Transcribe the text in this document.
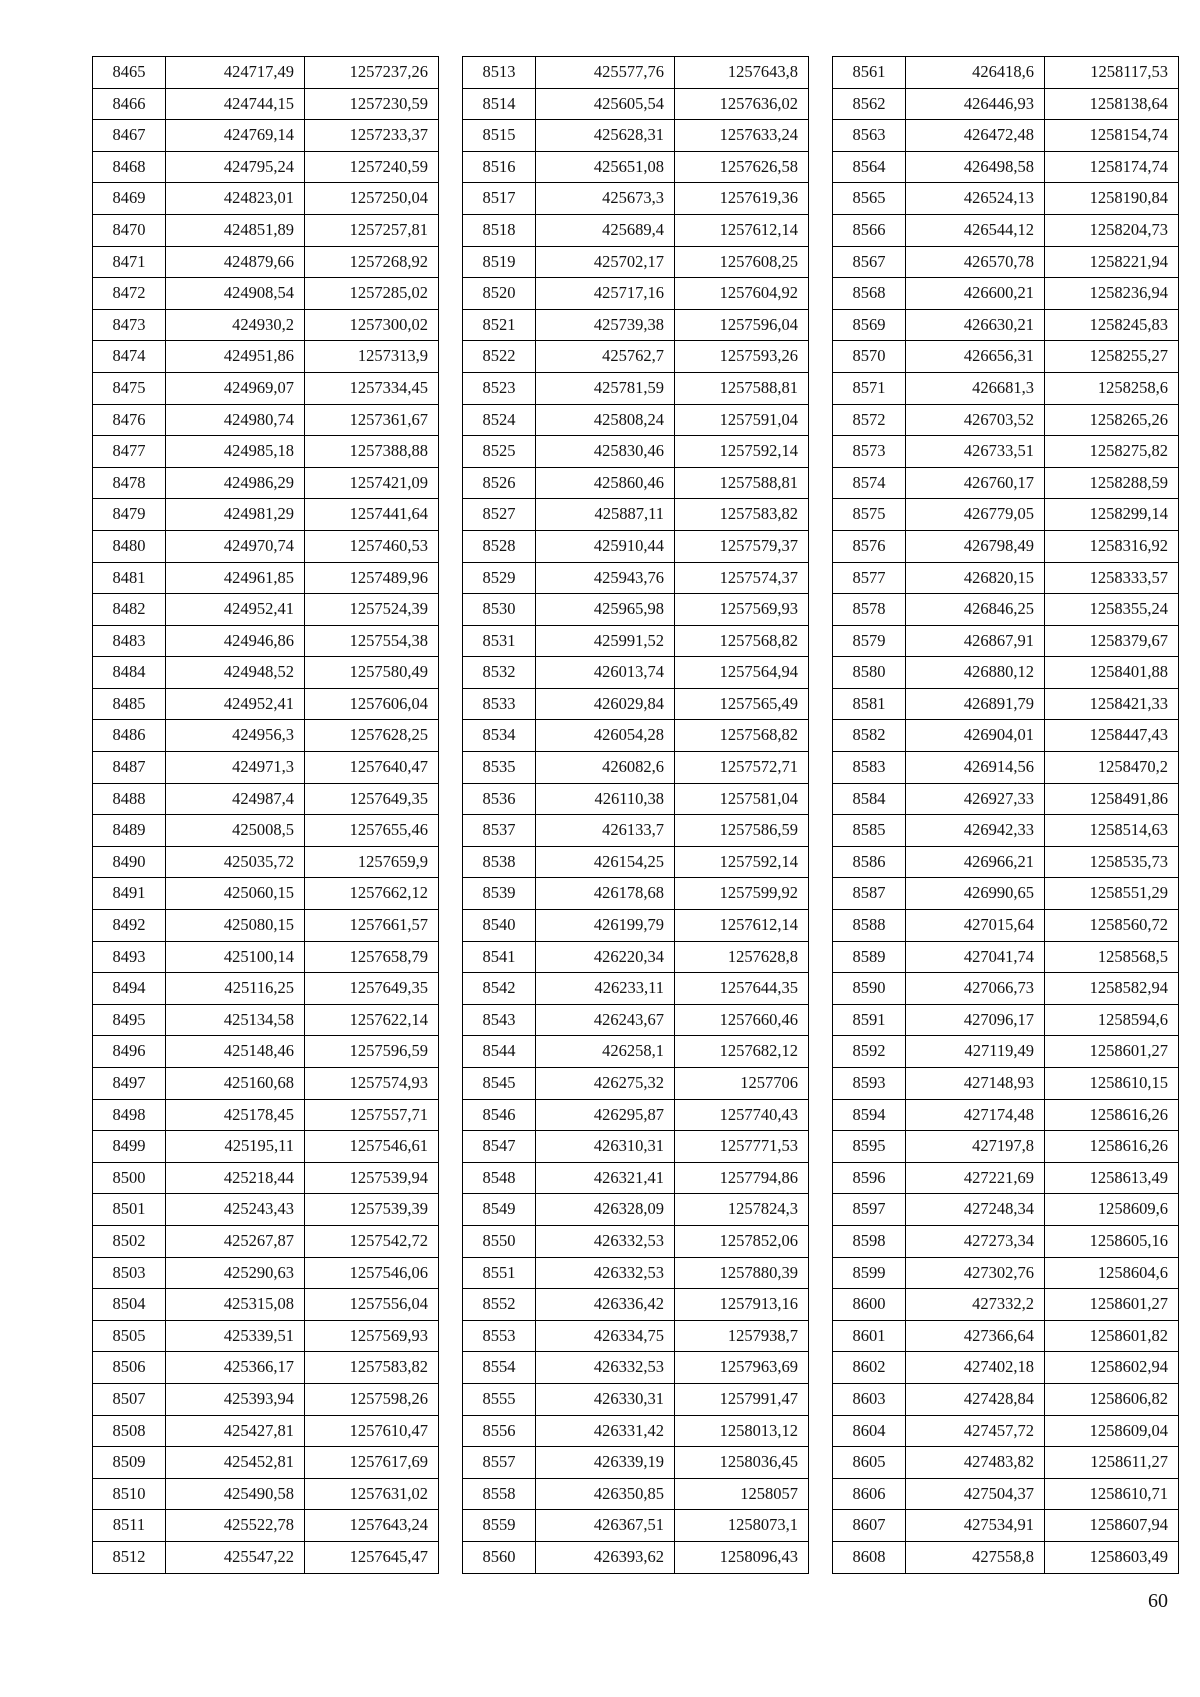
8465	424717,49	1257237,26
8466	424744,15	1257230,59
8467	424769,14	1257233,37
8468	424795,24	1257240,59
8469	424823,01	1257250,04
8470	424851,89	1257257,81
8471	424879,66	1257268,92
8472	424908,54	1257285,02
8473	424930,2	1257300,02
8474	424951,86	1257313,9
8475	424969,07	1257334,45
8476	424980,74	1257361,67
8477	424985,18	1257388,88
8478	424986,29	1257421,09
8479	424981,29	1257441,64
8480	424970,74	1257460,53
8481	424961,85	1257489,96
8482	424952,41	1257524,39
8483	424946,86	1257554,38
8484	424948,52	1257580,49
8485	424952,41	1257606,04
8486	424956,3	1257628,25
8487	424971,3	1257640,47
8488	424987,4	1257649,35
8489	425008,5	1257655,46
8490	425035,72	1257659,9
8491	425060,15	1257662,12
8492	425080,15	1257661,57
8493	425100,14	1257658,79
8494	425116,25	1257649,35
8495	425134,58	1257622,14
8496	425148,46	1257596,59
8497	425160,68	1257574,93
8498	425178,45	1257557,71
8499	425195,11	1257546,61
8500	425218,44	1257539,94
8501	425243,43	1257539,39
8502	425267,87	1257542,72
8503	425290,63	1257546,06
8504	425315,08	1257556,04
8505	425339,51	1257569,93
8506	425366,17	1257583,82
8507	425393,94	1257598,26
8508	425427,81	1257610,47
8509	425452,81	1257617,69
8510	425490,58	1257631,02
8511	425522,78	1257643,24
8512	425547,22	1257645,47
8513	425577,76	1257643,8
8514	425605,54	1257636,02
8515	425628,31	1257633,24
8516	425651,08	1257626,58
8517	425673,3	1257619,36
8518	425689,4	1257612,14
8519	425702,17	1257608,25
8520	425717,16	1257604,92
8521	425739,38	1257596,04
8522	425762,7	1257593,26
8523	425781,59	1257588,81
8524	425808,24	1257591,04
8525	425830,46	1257592,14
8526	425860,46	1257588,81
8527	425887,11	1257583,82
8528	425910,44	1257579,37
8529	425943,76	1257574,37
8530	425965,98	1257569,93
8531	425991,52	1257568,82
8532	426013,74	1257564,94
8533	426029,84	1257565,49
8534	426054,28	1257568,82
8535	426082,6	1257572,71
8536	426110,38	1257581,04
8537	426133,7	1257586,59
8538	426154,25	1257592,14
8539	426178,68	1257599,92
8540	426199,79	1257612,14
8541	426220,34	1257628,8
8542	426233,11	1257644,35
8543	426243,67	1257660,46
8544	426258,1	1257682,12
8545	426275,32	1257706
8546	426295,87	1257740,43
8547	426310,31	1257771,53
8548	426321,41	1257794,86
8549	426328,09	1257824,3
8550	426332,53	1257852,06
8551	426332,53	1257880,39
8552	426336,42	1257913,16
8553	426334,75	1257938,7
8554	426332,53	1257963,69
8555	426330,31	1257991,47
8556	426331,42	1258013,12
8557	426339,19	1258036,45
8558	426350,85	1258057
8559	426367,51	1258073,1
8560	426393,62	1258096,43
8561	426418,6	1258117,53
8562	426446,93	1258138,64
8563	426472,48	1258154,74
8564	426498,58	1258174,74
8565	426524,13	1258190,84
8566	426544,12	1258204,73
8567	426570,78	1258221,94
8568	426600,21	1258236,94
8569	426630,21	1258245,83
8570	426656,31	1258255,27
8571	426681,3	1258258,6
8572	426703,52	1258265,26
8573	426733,51	1258275,82
8574	426760,17	1258288,59
8575	426779,05	1258299,14
8576	426798,49	1258316,92
8577	426820,15	1258333,57
8578	426846,25	1258355,24
8579	426867,91	1258379,67
8580	426880,12	1258401,88
8581	426891,79	1258421,33
8582	426904,01	1258447,43
8583	426914,56	1258470,2
8584	426927,33	1258491,86
8585	426942,33	1258514,63
8586	426966,21	1258535,73
8587	426990,65	1258551,29
8588	427015,64	1258560,72
8589	427041,74	1258568,5
8590	427066,73	1258582,94
8591	427096,17	1258594,6
8592	427119,49	1258601,27
8593	427148,93	1258610,15
8594	427174,48	1258616,26
8595	427197,8	1258616,26
8596	427221,69	1258613,49
8597	427248,34	1258609,6
8598	427273,34	1258605,16
8599	427302,76	1258604,6
8600	427332,2	1258601,27
8601	427366,64	1258601,82
8602	427402,18	1258602,94
8603	427428,84	1258606,82
8604	427457,72	1258609,04
8605	427483,82	1258611,27
8606	427504,37	1258610,71
8607	427534,91	1258607,94
8608	427558,8	1258603,49
60
